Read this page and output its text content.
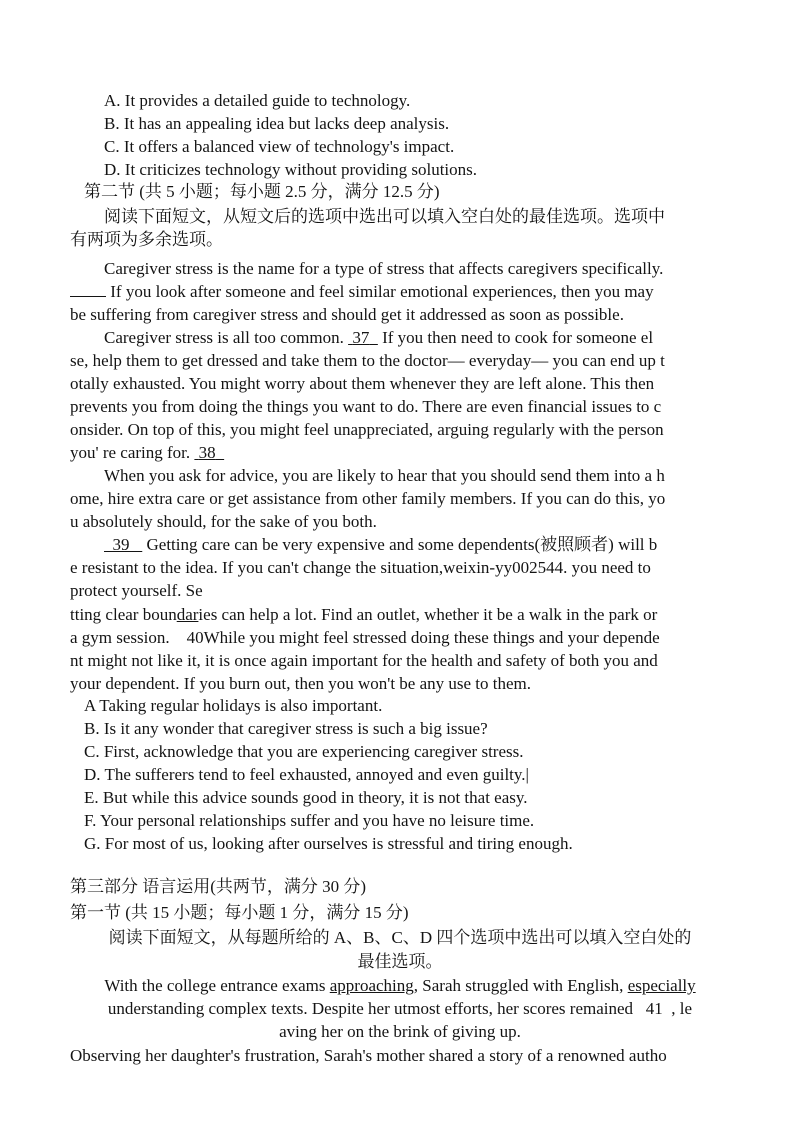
A. It provides a detailed guide to technology.
B. It has an appealing idea but lacks deep analysis.
C. It offers a balanced view of technology's impact.
D. It criticizes technology without providing solutions.
第二节 (共 5 小题；每小题 2.5 分，满分 12.5 分)
阅读下面短文，从短文后的选项中选出可以填入空白处的最佳选项。选项中
有两项为多余选项。
Caregiver stress is the name for a type of stress that affects caregivers specifically.
If you look after someone and feel similar emotional experiences, then you may
be suffering from caregiver stress and should get it addressed as soon as possible.
Caregiver stress is all too common.  37   If you then need to cook for someone el
se, help them to get dressed and take them to the doctor— everyday— you can end up t
otally exhausted. You might worry about them whenever they are left alone. This then
prevents you from doing the things you want to do. There are even financial issues to c
onsider. On top of this, you might feel unappreciated, arguing regularly with the person
you' re caring for.  38
When you ask for advice, you are likely to hear that you should send them into a h
ome, hire extra care or get assistance from other family members. If you can do this, yo
u absolutely should, for the sake of you both.
39    Getting care can be very expensive and some dependents(被照顾者) will b
e resistant to the idea. If you can't change the situation,weixin-yy002544. you need to
protect yourself. Se
tting clear boundaries can help a lot. Find an outlet, whether it be a walk in the park or
a gym session.    40While you might feel stressed doing these things and your depende
nt might not like it, it is once again important for the health and safety of both you and
your dependent. If you burn out, then you won't be any use to them.
A Taking regular holidays is also important.
B. Is it any wonder that caregiver stress is such a big issue?
C. First, acknowledge that you are experiencing caregiver stress.
D. The sufferers tend to feel exhausted, annoyed and even guilty.|
E. But while this advice sounds good in theory, it is not that easy.
F. Your personal relationships suffer and you have no leisure time.
G. For most of us, looking after ourselves is stressful and tiring enough.
第三部分 语言运用(共两节，满分 30 分)
第一节 (共 15 小题；每小题 1 分，满分 15 分)
阅读下面短文，从每题所给的 A、B、C、D 四个选项中选出可以填入空白处的
最佳选项。
With the college entrance exams approaching, Sarah struggled with English, especially
understanding complex texts. Despite her utmost efforts, her scores remained   41  , le
aving her on the brink of giving up.
Observing her daughter's frustration, Sarah's mother shared a story of a renowned autho
